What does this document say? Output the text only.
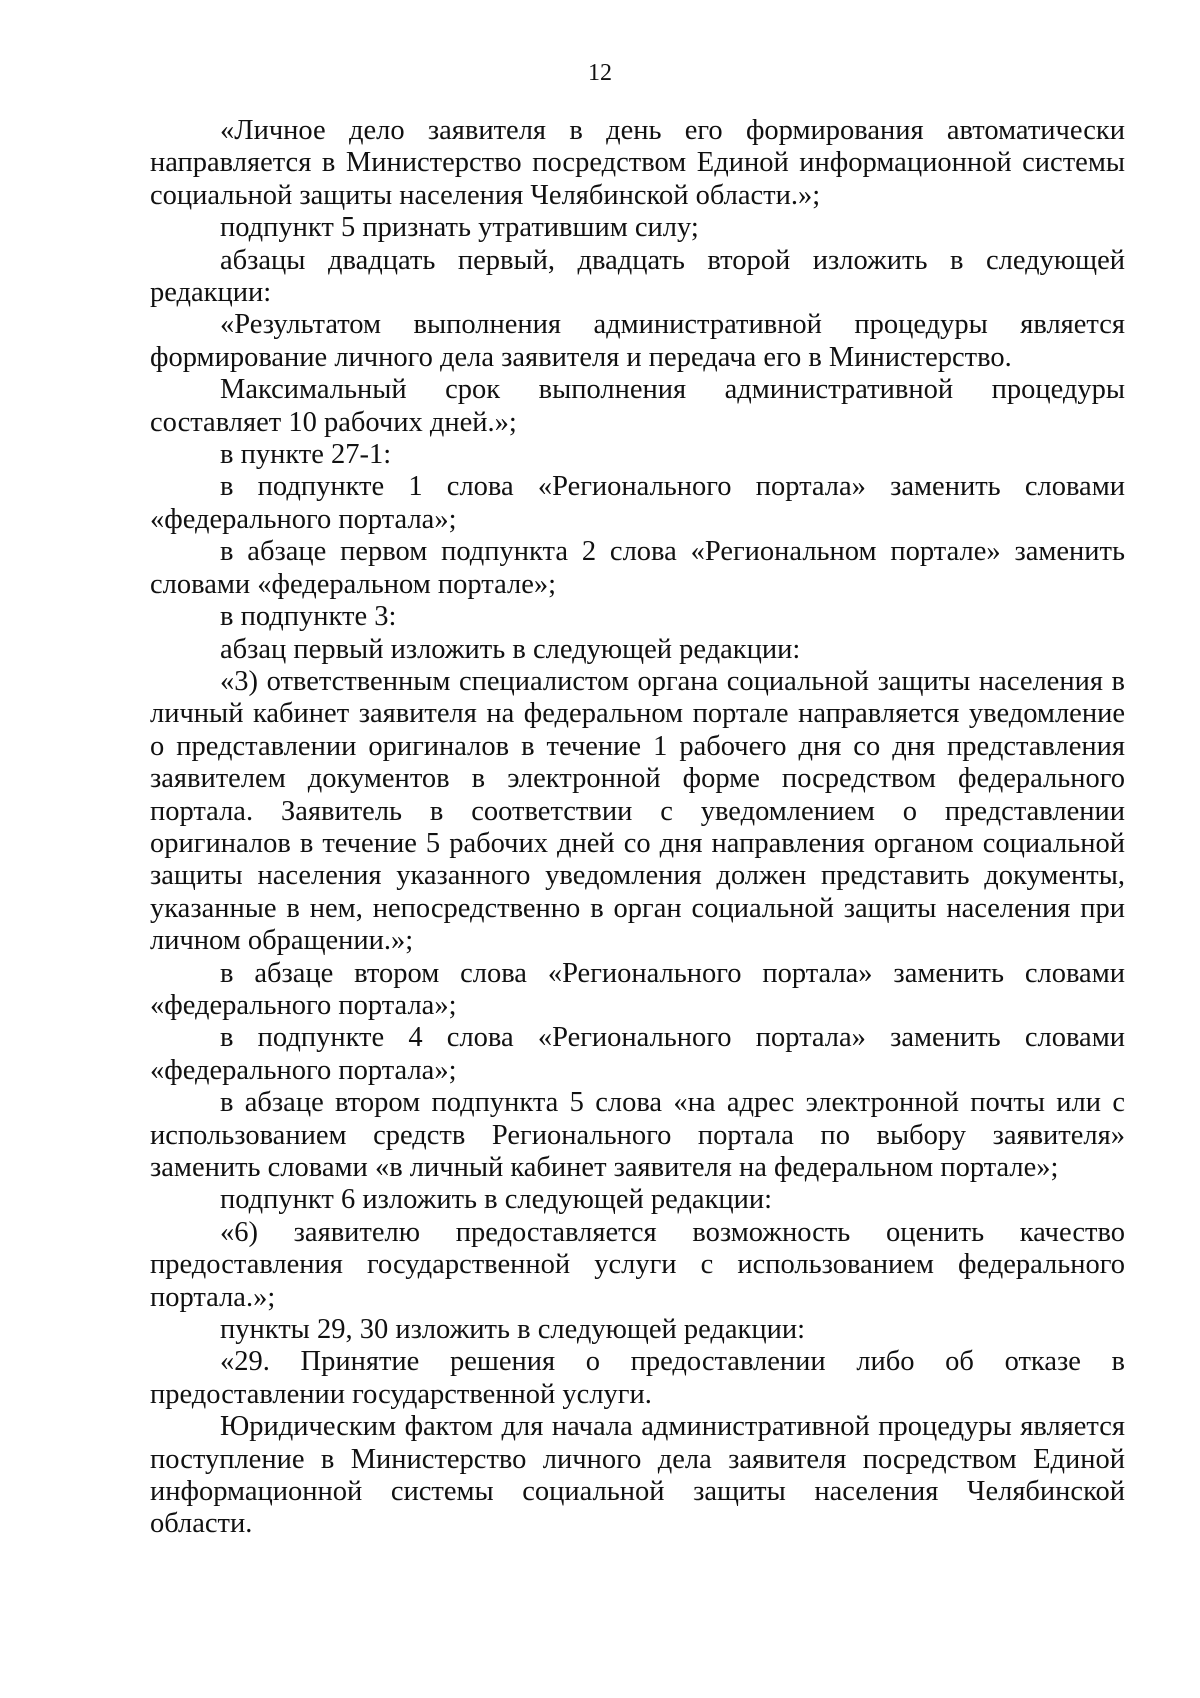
12

«Личное дело заявителя в день его формирования автоматически направляется в Министерство посредством Единой информационной системы социальной защиты населения Челябинской области.»;

подпункт 5 признать утратившим силу;

абзацы двадцать первый, двадцать второй изложить в следующей редакции:

«Результатом выполнения административной процедуры является формирование личного дела заявителя и передача его в Министерство.

Максимальный срок выполнения административной процедуры составляет 10 рабочих дней.»;

в пункте 27-1:

в подпункте 1 слова «Регионального портала» заменить словами «федерального портала»;

в абзаце первом подпункта 2 слова «Региональном портале» заменить словами «федеральном портале»;

в подпункте 3:

абзац первый изложить в следующей редакции:

«3) ответственным специалистом органа социальной защиты населения в личный кабинет заявителя на федеральном портале направляется уведомление о представлении оригиналов в течение 1 рабочего дня со дня представления заявителем документов в электронной форме посредством федерального портала. Заявитель в соответствии с уведомлением о представлении оригиналов в течение 5 рабочих дней со дня направления органом социальной защиты населения указанного уведомления должен представить документы, указанные в нем, непосредственно в орган социальной защиты населения при личном обращении.»;

в абзаце втором слова «Регионального портала» заменить словами «федерального портала»;

в подпункте 4 слова «Регионального портала» заменить словами «федерального портала»;

в абзаце втором подпункта 5 слова «на адрес электронной почты или с использованием средств Регионального портала по выбору заявителя» заменить словами «в личный кабинет заявителя на федеральном портале»;

подпункт 6 изложить в следующей редакции:

«6) заявителю предоставляется возможность оценить качество предоставления государственной услуги с использованием федерального портала.»;

пункты 29, 30 изложить в следующей редакции:

«29. Принятие решения о предоставлении либо об отказе в предоставлении государственной услуги.

Юридическим фактом для начала административной процедуры является поступление в Министерство личного дела заявителя посредством Единой информационной системы социальной защиты населения Челябинской области.
